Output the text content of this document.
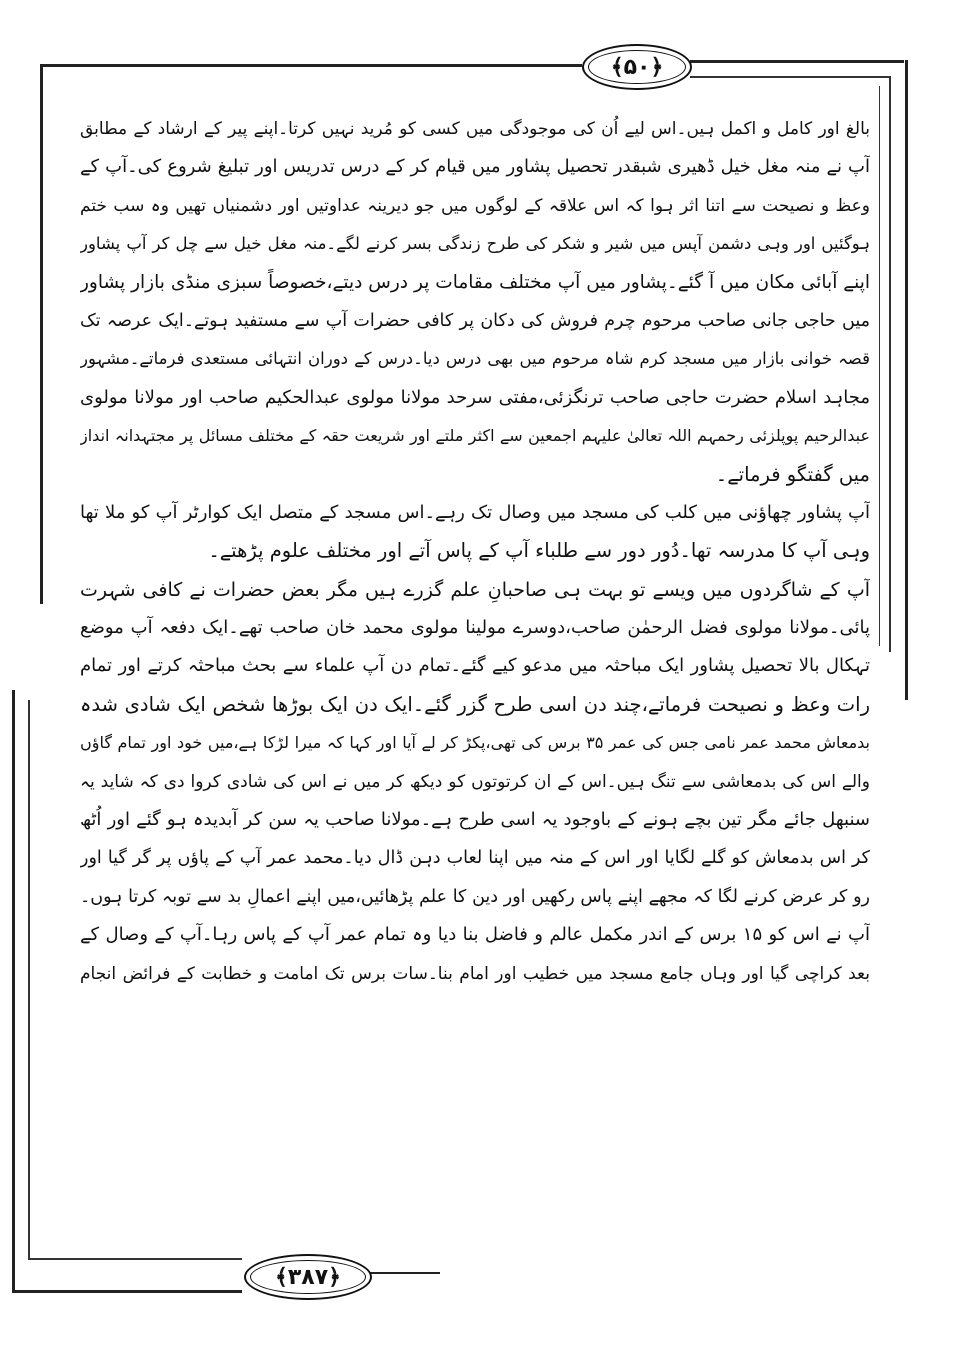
﴿۵۰﴾
﴿۳۸۷﴾
بالغ اور کامل و اکمل ہیں۔اس لیے اُن کی موجودگی میں کسی کو مُرید نہیں کرتا۔اپنے پیر کے ارشاد کے مطابق
آپ نے منہ مغل خیل ڈھیری شبقدر تحصیل پشاور میں قیام کر کے درس تدریس اور تبلیغ شروع کی۔آپ کے
وعظ و نصیحت سے اتنا اثر ہوا کہ اس علاقہ کے لوگوں میں جو دیرینہ عداوتیں اور دشمنیاں تھیں وہ سب ختم
ہوگئیں اور وہی دشمن آپس میں شیر و شکر کی طرح زندگی بسر کرنے لگے۔منہ مغل خیل سے چل کر آپ پشاور
اپنے آبائی مکان میں آ گئے۔پشاور میں آپ مختلف مقامات پر درس دیتے،خصوصاً سبزی منڈی بازار پشاور
میں حاجی جانی صاحب مرحوم چرم فروش کی دکان پر کافی حضرات آپ سے مستفید ہوتے۔ایک عرصہ تک
قصہ خوانی بازار میں مسجد کرم شاہ مرحوم میں بھی درس دیا۔درس کے دوران انتہائی مستعدی فرماتے۔مشہور
مجاہد اسلام حضرت حاجی صاحب ترنگزئی،مفتی سرحد مولانا مولوی عبدالحکیم صاحب اور مولانا مولوی
عبدالرحیم پوپلزئی رحمہم اللہ تعالیٰ علیہم اجمعین سے اکثر ملتے اور شریعت حقہ کے مختلف مسائل پر مجتہدانہ انداز
میں گفتگو فرماتے۔
آپ پشاور چھاؤنی میں کلب کی مسجد میں وصال تک رہے۔اس مسجد کے متصل ایک کوارٹر آپ کو ملا تھا
وہی آپ کا مدرسہ تھا۔دُور دور سے طلباء آپ کے پاس آتے اور مختلف علوم پڑھتے۔
آپ کے شاگردوں میں ویسے تو بہت ہی صاحبانِ علم گزرے ہیں مگر بعض حضرات نے کافی شہرت
پائی۔مولانا مولوی فضل الرحمٰن صاحب،دوسرے مولینا مولوی محمد خان صاحب تھے۔ایک دفعہ آپ موضع
تہکال بالا تحصیل پشاور ایک مباحثہ میں مدعو کیے گئے۔تمام دن آپ علماء سے بحث مباحثہ کرتے اور تمام
رات وعظ و نصیحت فرماتے،چند دن اسی طرح گزر گئے۔ایک دن ایک بوڑھا شخص ایک شادی شدہ
بدمعاش محمد عمر نامی جس کی عمر ۳۵ برس کی تھی،پکڑ کر لے آیا اور کہا کہ میرا لڑکا ہے،میں خود اور تمام گاؤں
والے اس کی بدمعاشی سے تنگ ہیں۔اس کے ان کرتوتوں کو دیکھ کر میں نے اس کی شادی کروا دی کہ شاید یہ
سنبھل جائے مگر تین بچے ہونے کے باوجود یہ اسی طرح ہے۔مولانا صاحب یہ سن کر آبدیدہ ہو گئے اور اُٹھ
کر اس بدمعاش کو گلے لگایا اور اس کے منہ میں اپنا لعاب دہن ڈال دیا۔محمد عمر آپ کے پاؤں پر گر گیا اور
رو کر عرض کرنے لگا کہ مجھے اپنے پاس رکھیں اور دین کا علم پڑھائیں،میں اپنے اعمالِ بد سے توبہ کرتا ہوں۔
آپ نے اس کو ۱۵ برس کے اندر مکمل عالم و فاضل بنا دیا وہ تمام عمر آپ کے پاس رہا۔آپ کے وصال کے
بعد کراچی گیا اور وہاں جامع مسجد میں خطیب اور امام بنا۔سات برس تک امامت و خطابت کے فرائض انجام
